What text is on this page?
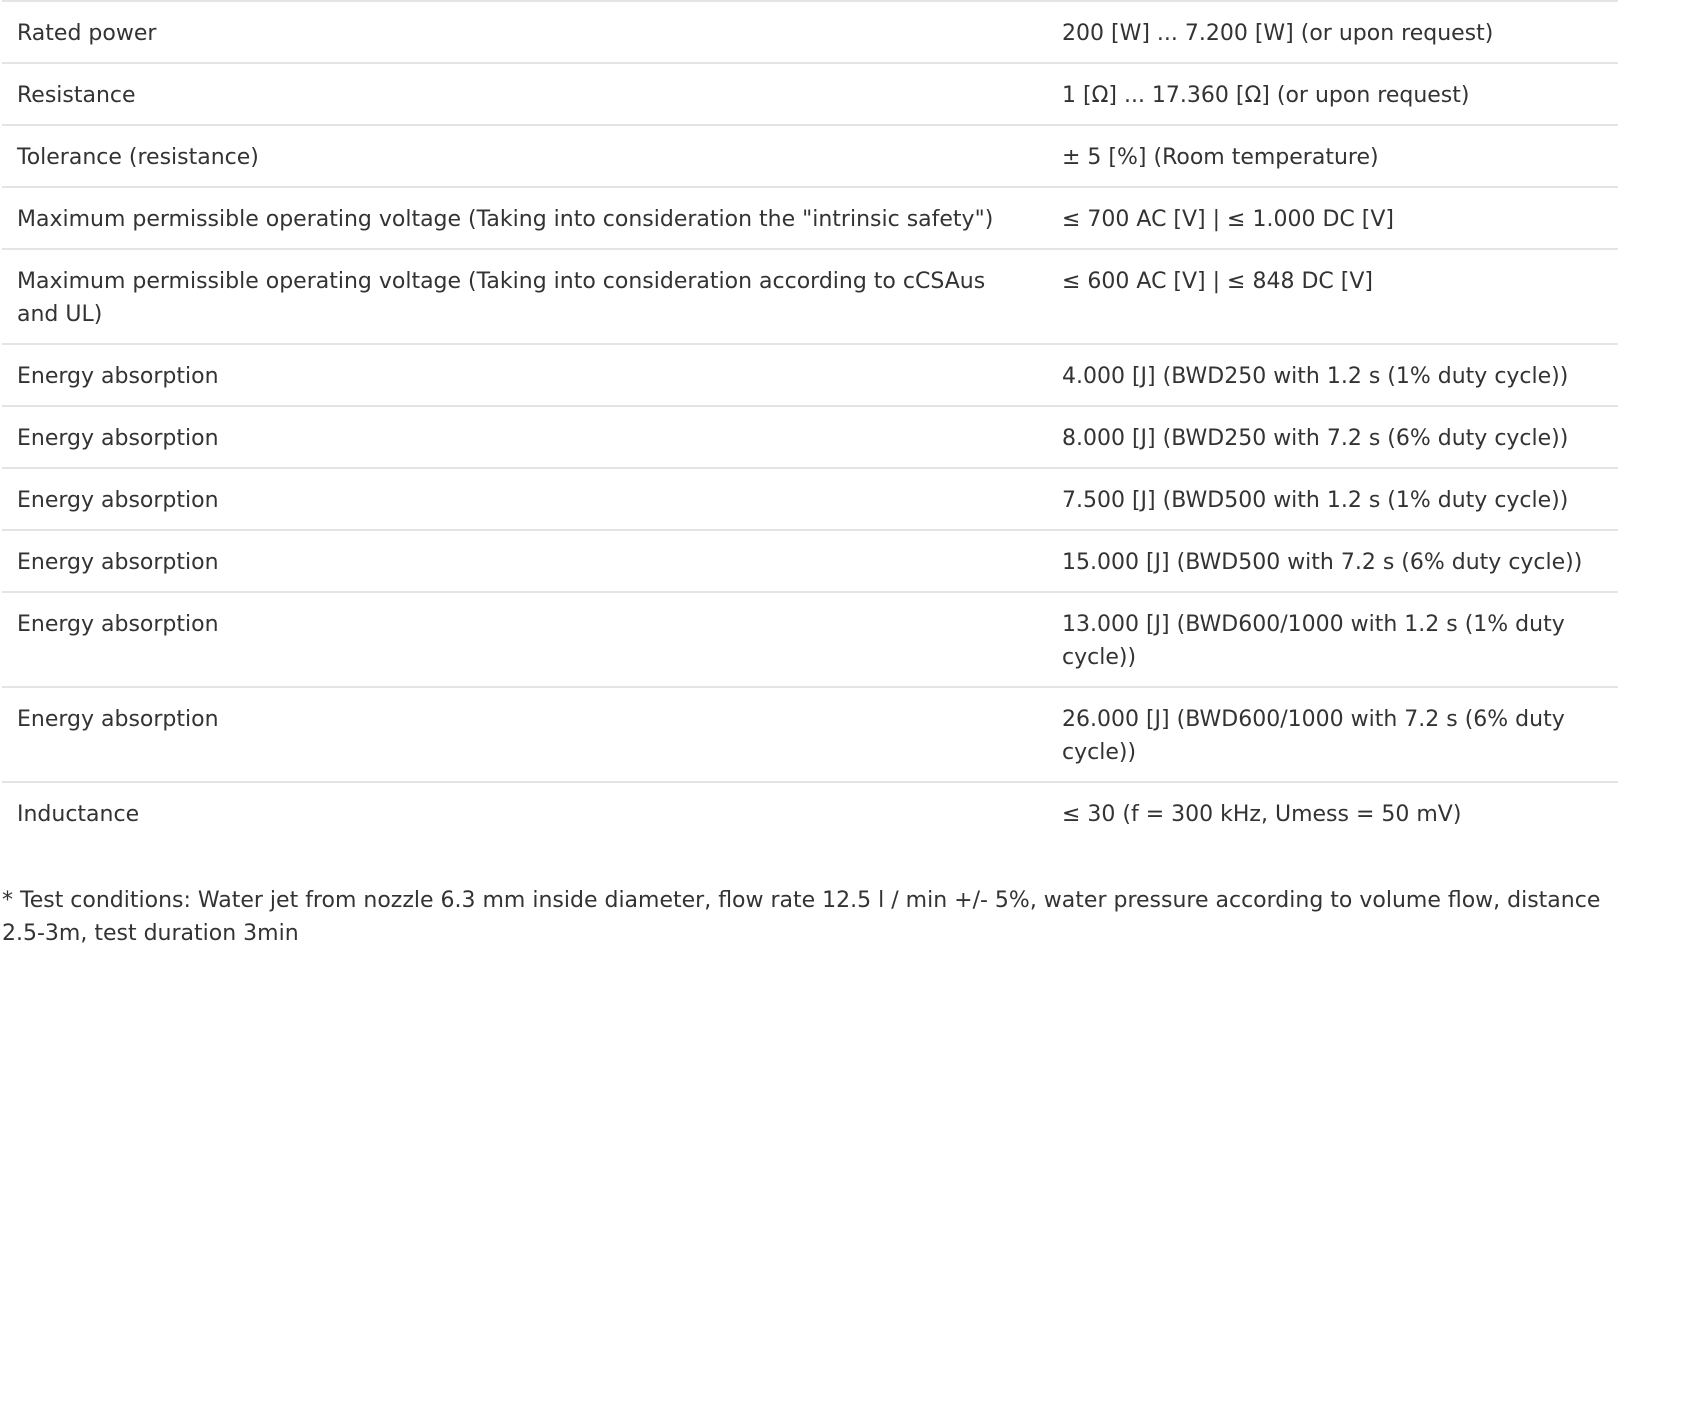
Rated power	200 [W] ... 7.200 [W] (or upon request)
Resistance	1 [Ω] ... 17.360 [Ω] (or upon request)
Tolerance (resistance)	± 5 [%] (Room temperature)
Maximum permissible operating voltage (Taking into consideration the "intrinsic safety")	≤ 700 AC [V] | ≤ 1.000 DC [V]
Maximum permissible operating voltage (Taking into consideration according to cCSAus and UL)	≤ 600 AC [V] | ≤ 848 DC [V]
Energy absorption	4.000 [J] (BWD250 with 1.2 s (1% duty cycle))
Energy absorption	8.000 [J] (BWD250 with 7.2 s (6% duty cycle))
Energy absorption	7.500 [J] (BWD500 with 1.2 s (1% duty cycle))
Energy absorption	15.000 [J] (BWD500 with 7.2 s (6% duty cycle))
Energy absorption	13.000 [J] (BWD600/1000 with 1.2 s (1% duty cycle))
Energy absorption	26.000 [J] (BWD600/1000 with 7.2 s (6% duty cycle))
Inductance	≤ 30 (f = 300 kHz, Umess = 50 mV)

* Test conditions: Water jet from nozzle 6.3 mm inside diameter, flow rate 12.5 l / min +/- 5%, water pressure according to volume flow, distance 2.5-3m, test duration 3min
